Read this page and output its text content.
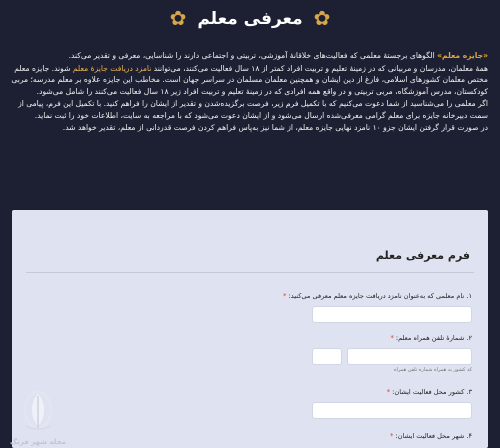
✿
معرفی معلم
✿
«جایزه معلم» الگوهای برجستهٔ معلمی که فعالیت‌های خلاقانهٔ آموزشی، تربیتی و اجتماعی دارند را شناسایی، معرفی و تقدیر می‌کند.
همهٔ معلمان، مدرسان و مربیانی که در زمینهٔ تعلیم و تربیت افراد کمتر از ۱۸ سال فعالیت می‌کنند، می‌توانند نامزد دریافت جایزهٔ معلم شوند. جایزه معلم مختص معلمان کشورهای اسلامی، فارغ از دین ایشان و همچنین معلمان مسلمان در سراسر جهان است. مخاطب این جایزه علاوه بر معلم مدرسه؛ مربی کودکستان، مدرس آموزشگاه، مربی تربیتی و در واقع همه افرادی که در زمینهٔ تعلیم و تربیت افراد زیر ۱۸ سال فعالیت می‌کنند را شامل می‌شود.
اگر معلمی را می‌شناسید از شما دعوت می‌کنیم که با تکمیل فرم زیر، فرصت برگزیده‌شدن و تقدیر از ایشان را فراهم کنید. با تکمیل این فرم، پیامی از سمت دبیرخانه جایزه برای معلم گرامی معرفی‌شده ارسال می‌شود و از ایشان دعوت می‌شود که با مراجعه به سایت، اطلاعات خود را ثبت نماید.
در صورت قرار گرفتن ایشان جزو ۱۰ نامزد نهایی جایزه معلم، از شما نیز به‌پاس فراهم کردن فرصت قدردانی از معلم، تقدیر خواهد شد.
فرم معرفی معلم
۱. نام معلمی که به‌عنوان نامزد دریافت جایزه معلم معرفی می‌کنید: *
۲. شمارهٔ تلفن همراه معلم: *
کد کشور به همراه شماره تلفن همراه
۳. کشور محل فعالیت ایشان: *
۴. شهر محل فعالیت ایشان: *
مجله شهر فرنگ
